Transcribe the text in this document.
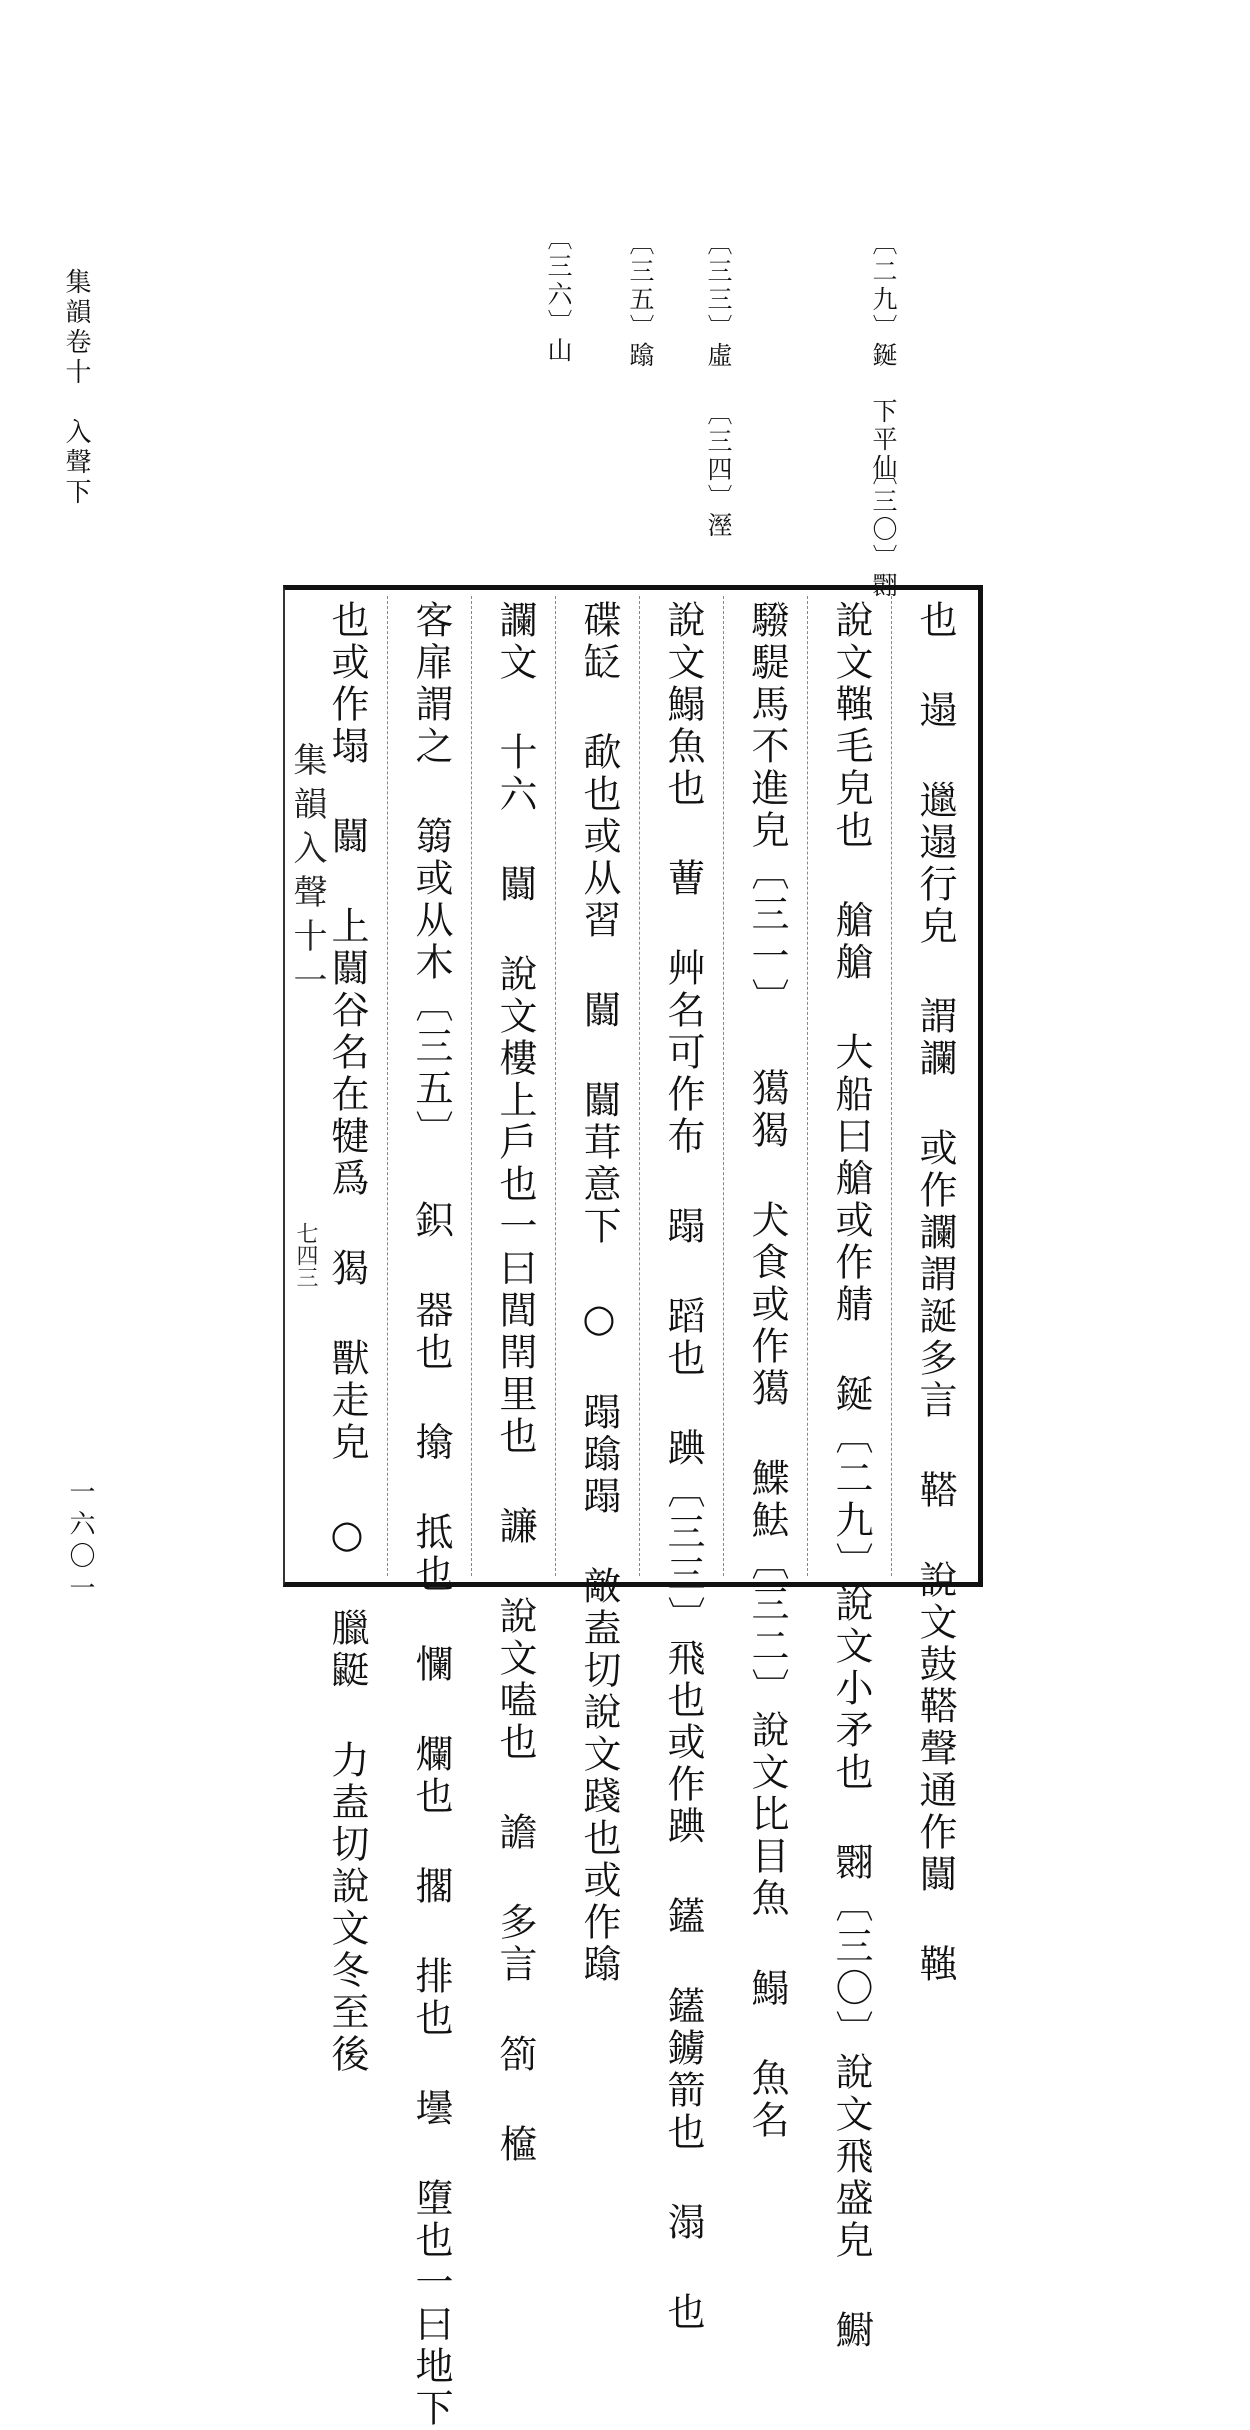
集韻卷十　入聲下
一六〇一
〔二九〕鋋　下平仙
〔三〇〕翾
〔三三〕虛
〔三四〕溼
〔三五〕蹹
〔三六〕山
也 遢 邋遢行皃 謂讕 或作讕謂誕多言 鞳 說文鼓鞳聲通作闒 䩶
說文䩶毛皃也 艙艙 大船曰艙或作䑶 鋋〔二九〕說文小矛也 翾〔三〇〕說文飛盛皃 䲁
驋騠馬不進皃〔三一〕 獦猲 犬食或作獦 鰈魼〔三二〕說文比目魚 鰨 魚名
說文鰨魚也 蓸 艸名可作布 蹋 蹈也 䠄〔三三〕飛也或作䠄 鑉 鑉鐪箭也 溻 也
碟䍇 歃也或从習 闒 闒茸意下 ○ 蹋蹹蹋 敵盍切說文踐也或作蹹
讕文 十六 闒 說文樓上戶也一曰閭閈里也 譧 說文嗑也 譫 多言 箚 檶
客扉謂之 篛或从木〔三五〕 鉙 器也 㩉 抵也 㦨 爛也 擱 排也 壜 墮也一曰地下
也或作塌 闒 上闒谷名在犍爲 猲 獸走皃 ○ 臘鼮 力盍切說文冬至後
集韻入聲十一
七四三
